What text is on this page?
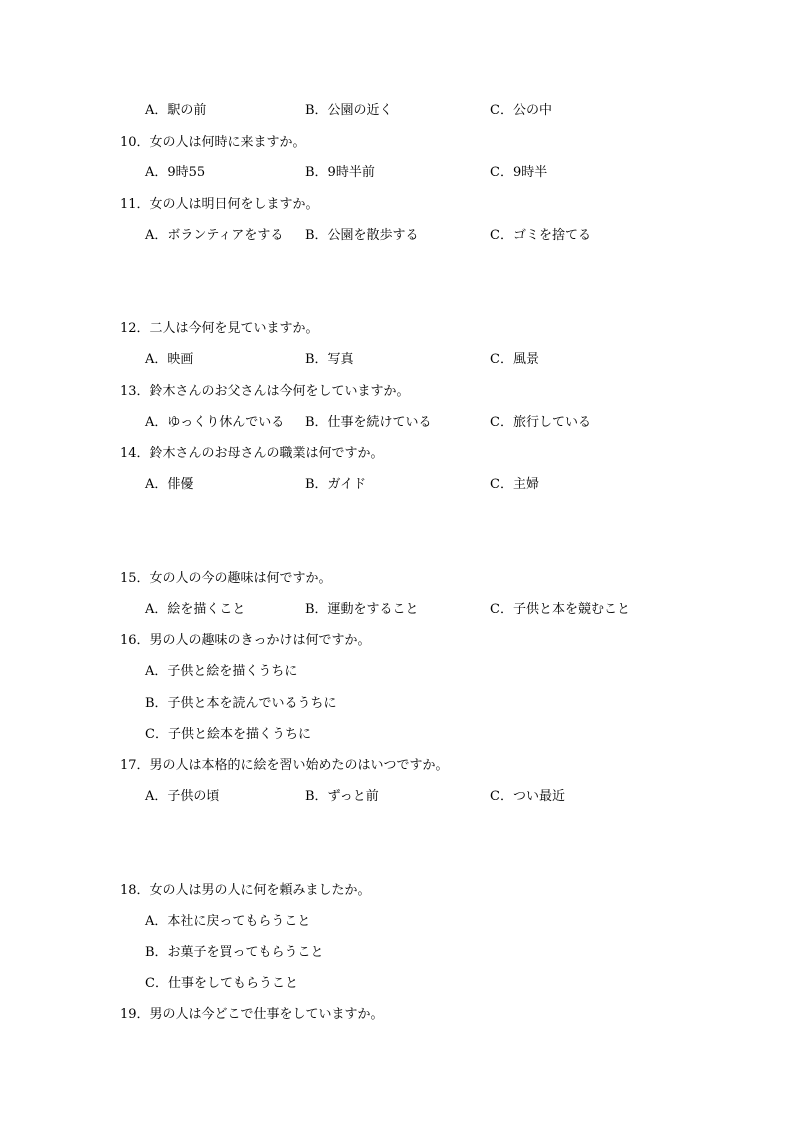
A．駅の前	B．公園の近く	C．公の中
10．女の人は何時に来ますか。
A．9時55	B．9時半前	C．9時半
11．女の人は明日何をしますか。
A．ボランティアをする B．公園を散歩する	C．ゴミを捨てる
12．二人は今何を見ていますか。
A．映画	B．写真	C．風景
13．鈴木さんのお父さんは今何をしていますか。
A．ゆっくり休んでいる B．仕事を続けている	C．旅行している
14．鈴木さんのお母さんの職業は何ですか。
A．俳優	B．ガイド	C．主婦
15．女の人の今の趣味は何ですか。
A．絵を描くこと	B．運動をすること	C．子供と本を競むこと
16．男の人の趣味のきっかけは何ですか。
A．子供と絵を描くうちに
B．子供と本を読んでいるうちに
C．子供と絵本を描くうちに
17．男の人は本格的に絵を習い始めたのはいつですか。
A．子供の頃	B．ずっと前	C．つい最近
18．女の人は男の人に何を頼みましたか。
A．本社に戻ってもらうこと
B．お菓子を買ってもらうこと
C．仕事をしてもらうこと
19．男の人は今どこで仕事をしていますか。
